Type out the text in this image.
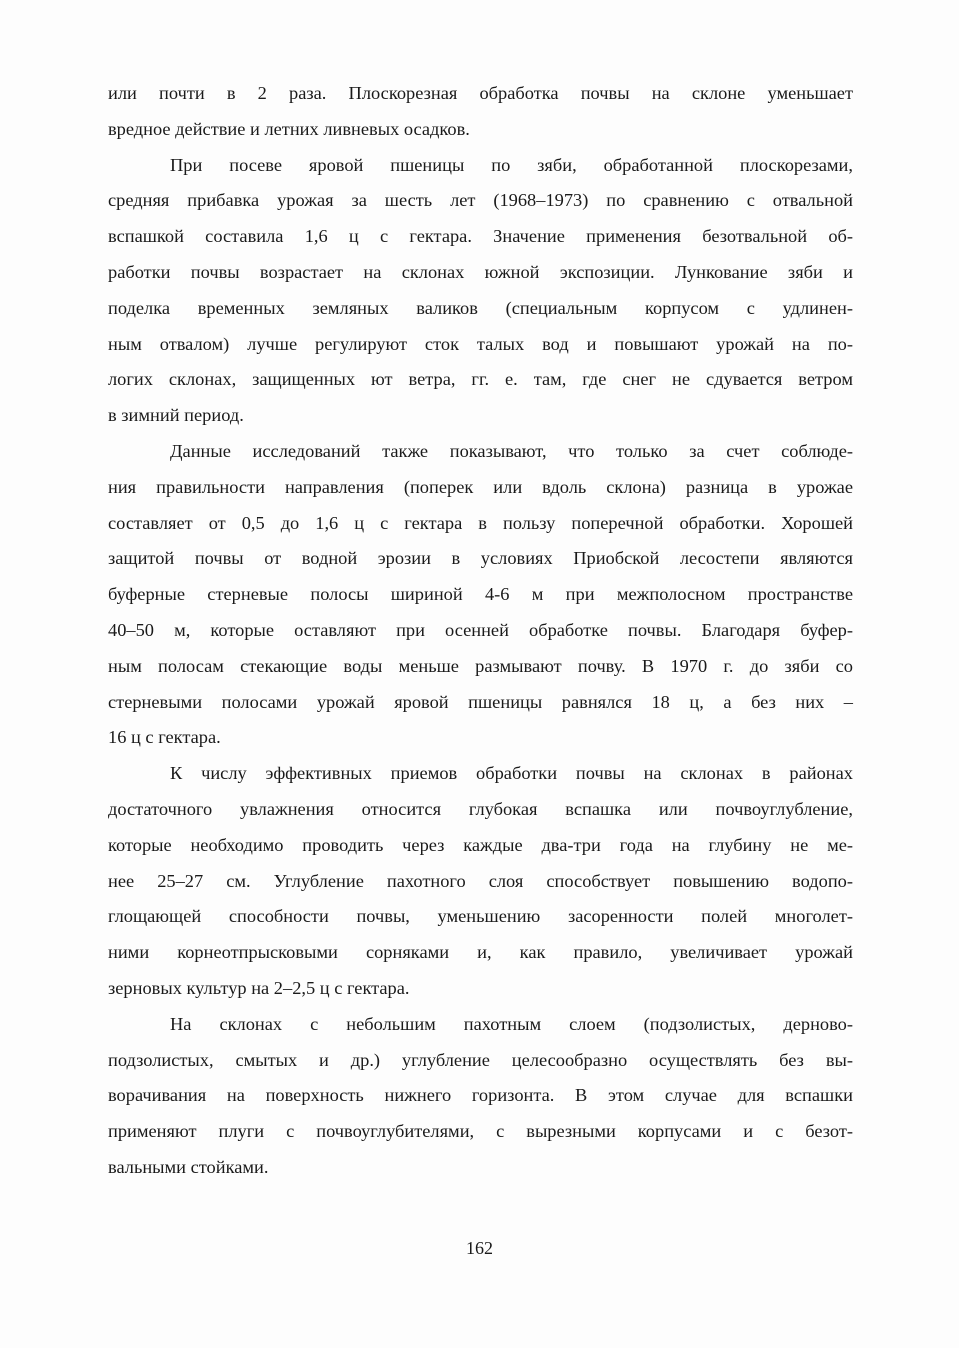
или почти в 2 раза. Плоскорезная обработка почвы на склоне уменьшает
вредное действие и летних ливневых осадков.
При посеве яровой пшеницы по зяби, обработанной плоскорезами,
средняя прибавка урожая за шесть лет (1968–1973) по сравнению с отвальной
вспашкой составила 1,6 ц с гектара. Значение применения безотвальной об-
работки почвы возрастает на склонах южной экспозиции. Лункование зяби и
поделка временных земляных валиков (специальным корпусом с удлинен-
ным отвалом) лучше регулируют сток талых вод и повышают урожай на по-
логих склонах, защищенных ют ветра, гг. е. там, где снег не сдувается ветром
в зимний период.
Данные исследований также показывают, что только за счет соблюде-
ния правильности направления (поперек или вдоль склона) разница в урожае
составляет от 0,5 до 1,6 ц с гектара в пользу поперечной обработки. Хорошей
защитой почвы от водной эрозии в условиях Приобской лесостепи являются
буферные стерневые полосы шириной 4-6 м при межполосном пространстве
40–50 м, которые оставляют при осенней обработке почвы. Благодаря буфер-
ным полосам стекающие воды меньше размывают почву. В 1970 г. до зяби со
стерневыми полосами урожай яровой пшеницы равнялся 18 ц, а без них –
16 ц с гектара.
К числу эффективных приемов обработки почвы на склонах в районах
достаточного увлажнения относится глубокая вспашка или почвоуглубление,
которые необходимо проводить через каждые два-три года на глубину не ме-
нее 25–27 см. Углубление пахотного слоя способствует повышению водопо-
глощающей способности почвы, уменьшению засоренности полей многолет-
ними корнеотпрысковыми сорняками и, как правило, увеличивает урожай
зерновых культур на 2–2,5 ц с гектара.
На склонах с небольшим пахотным слоем (подзолистых, дерново-
подзолистых, смытых и др.) углубление целесообразно осуществлять без вы-
ворачивания на поверхность нижнего горизонта. В этом случае для вспашки
применяют плуги с почвоуглубителями, с вырезными корпусами и с безот-
вальными стойками.
162
